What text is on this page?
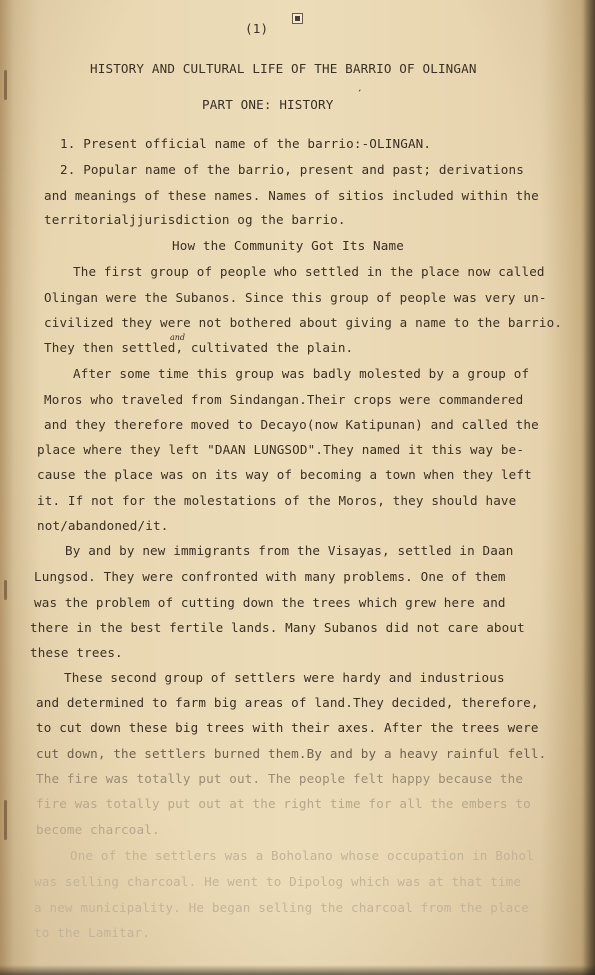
(1)
HISTORY AND CULTURAL LIFE OF THE BARRIO OF OLINGAN
ˊ
PART ONE: HISTORY
1. Present official name of the barrio:-OLINGAN.
2. Popular name of the barrio, present and past; derivations
and meanings of these names. Names of sitios included within the
territorialjjurisdiction og the barrio.
How the Community Got Its Name
The first group of people who settled in the place now called
Olingan were the Subanos. Since this group of people was very un-
civilized they were not bothered about giving a name to the barrio.
and
They then settled, cultivated the plain.
After some time this group was badly molested by a group of
Moros who traveled from Sindangan.Their crops were commandered
and they therefore moved to Decayo(now Katipunan) and called the
place where they left "DAAN LUNGSOD".They named it this way be-
cause the place was on its way of becoming a town when they left
it. If not for the molestations of the Moros, they should have
not/abandoned/it.
By and by new immigrants from the Visayas, settled in Daan
Lungsod. They were confronted with many problems. One of them
was the problem of cutting down the trees which grew here and
there in the best fertile lands. Many Subanos did not care about
these trees.
These second group of settlers were hardy and industrious
and determined to farm big areas of land.They decided, therefore,
to cut down these big trees with their axes. After the trees were
cut down, the settlers burned them.By and by a heavy rainful fell.
The fire was totally put out. The people felt happy because the
fire was totally put out at the right time for all the embers to
become charcoal.
One of the settlers was a Boholano whose occupation in Bohol
was selling charcoal. He went to Dipolog which was at that time
a new municipality. He began selling the charcoal from the place
to the Lamitar.
